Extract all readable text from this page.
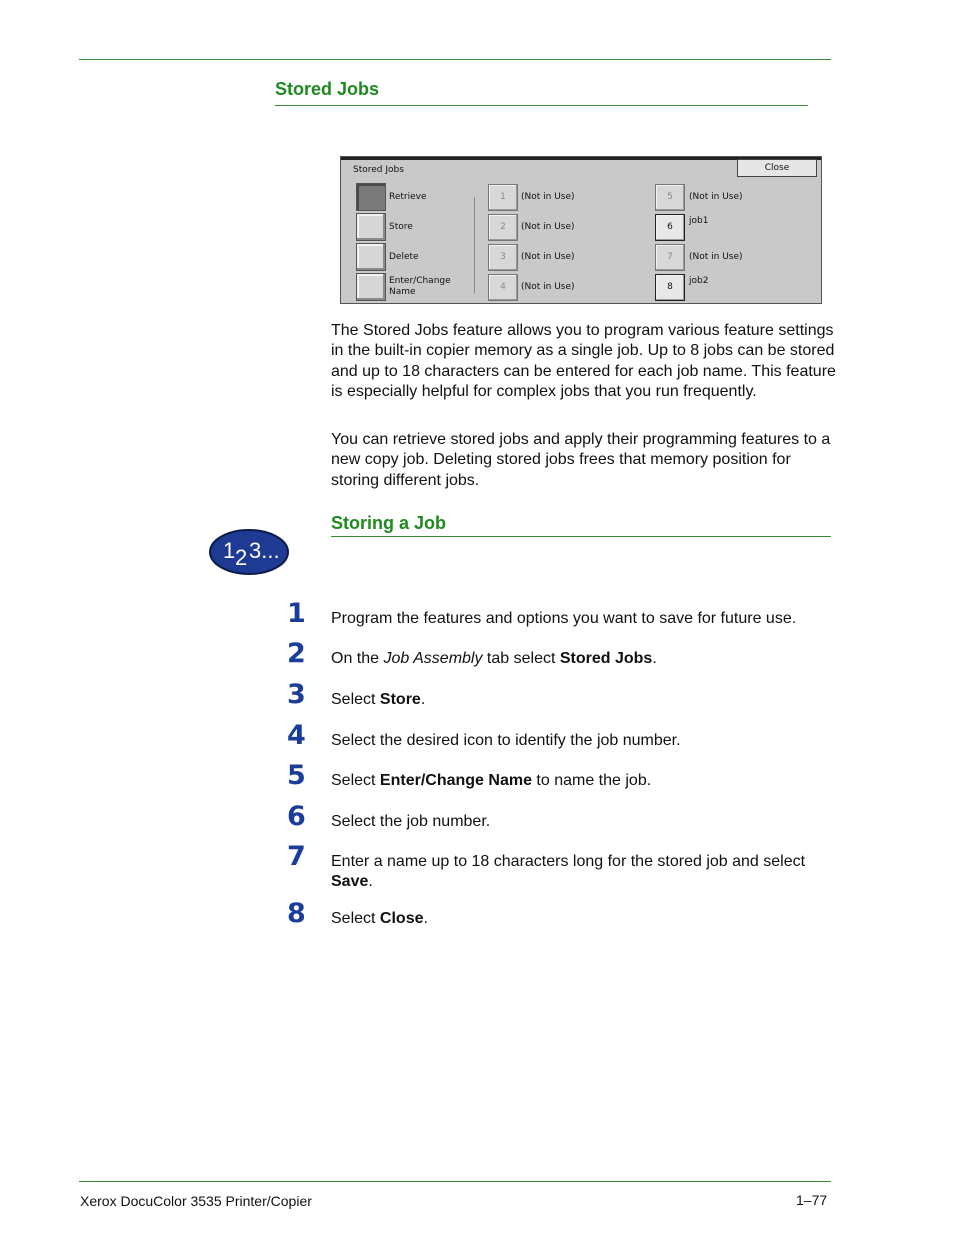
Stored Jobs
Stored Jobs	Close
Retrieve
Store
Delete
Enter/Change Name
1	(Not in Use)
2	(Not in Use)
3	(Not in Use)
4	(Not in Use)
5	(Not in Use)
6
job1
7	(Not in Use)
8
job2
The Stored Jobs feature allows you to program various feature settings in the built-in copier memory as a single job. Up to 8 jobs can be stored and up to 18 characters can be entered for each job name. This feature is especially helpful for complex jobs that you run frequently.
You can retrieve stored jobs and apply their programming features to a new copy job. Deleting stored jobs frees that memory position for storing different jobs.
Storing a Job
1 2 3...
1 Program the features and options you want to save for future use.
2 On the Job Assembly tab select Stored Jobs.
3 Select Store.
4 Select the desired icon to identify the job number.
5 Select Enter/Change Name to name the job.
6 Select the job number.
7 Enter a name up to 18 characters long for the stored job and select Save.
8 Select Close.
Xerox DocuColor 3535 Printer/Copier	1–77
